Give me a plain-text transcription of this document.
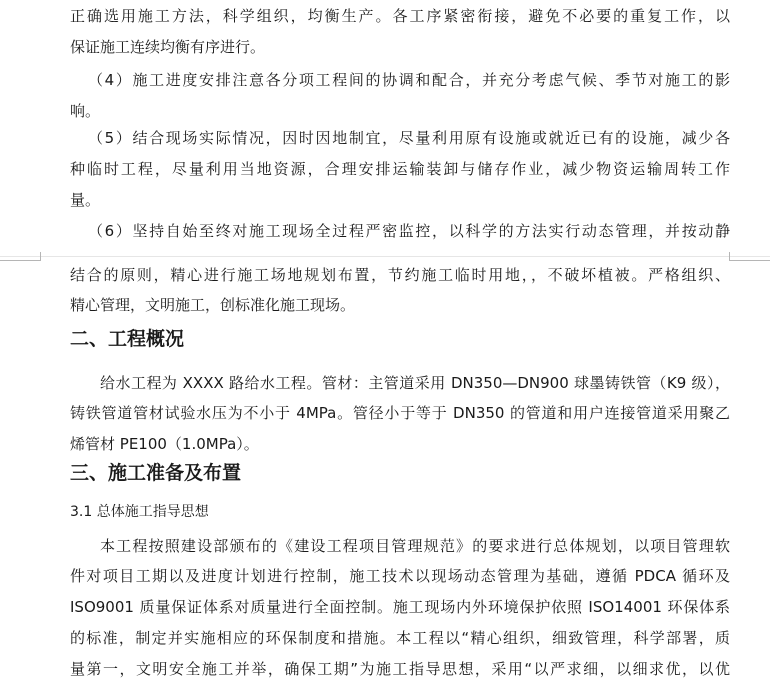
正确选用施工方法，科学组织，均衡生产。各工序紧密衔接，避免不必要的重复工作，以
保证施工连续均衡有序进行。
（4）施工进度安排注意各分项工程间的协调和配合，并充分考虑气候、季节对施工的影
响。
（5）结合现场实际情况，因时因地制宜，尽量利用原有设施或就近已有的设施，减少各
种临时工程，尽量利用当地资源，合理安排运输装卸与储存作业，减少物资运输周转工作
量。
（6）坚持自始至终对施工现场全过程严密监控，以科学的方法实行动态管理，并按动静
结合的原则，精心进行施工场地规划布置，节约施工临时用地，，不破坏植被。严格组织、
精心管理，文明施工，创标准化施工现场。
二、工程概况
给水工程为 XXXX 路给水工程。管材：主管道采用 DN350—DN900 球墨铸铁管（K9 级），
铸铁管道管材试验水压为不小于 4MPa。管径小于等于 DN350 的管道和用户连接管道采用聚乙
烯管材 PE100（1.0MPa）。
三、施工准备及布置
3.1 总体施工指导思想
本工程按照建设部颁布的《建设工程项目管理规范》的要求进行总体规划，以项目管理软
件对项目工期以及进度计划进行控制，施工技术以现场动态管理为基础，遵循 PDCA 循环及
ISO9001 质量保证体系对质量进行全面控制。施工现场内外环境保护依照 ISO14001 环保体系
的标准，制定并实施相应的环保制度和措施。本工程以“精心组织，细致管理，科学部署，质
量第一，文明安全施工并举，确保工期”为施工指导思想，采用“以严求细，以细求优，以优
